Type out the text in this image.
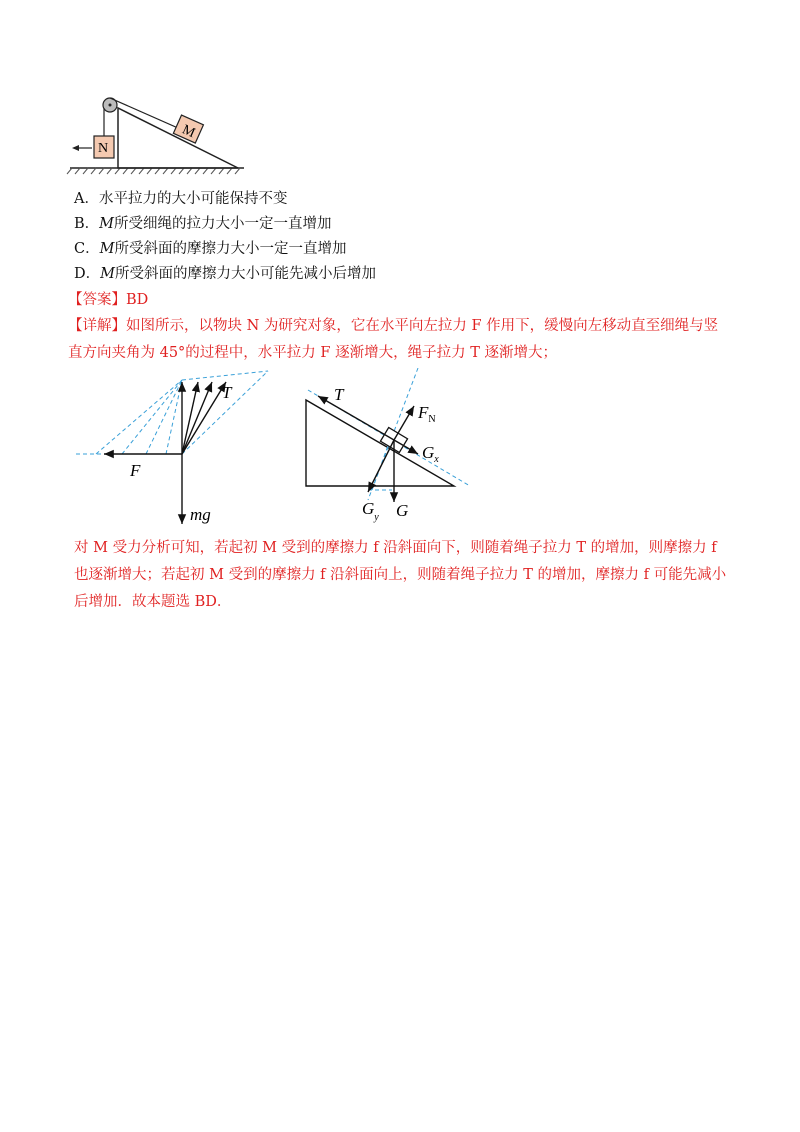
M
N
A．水平拉力的大小可能保持不变
B．M所受细绳的拉力大小一定一直增加
C．M所受斜面的摩擦力大小一定一直增加
D．M所受斜面的摩擦力大小可能先减小后增加
【答案】BD
【详解】如图所示，以物块 N 为研究对象，它在水平向左拉力 F 作用下，缓慢向左移动直至细绳与竖直方向夹角为 45°的过程中，水平拉力 F 逐渐增大，绳子拉力 T 逐渐增大；
T
F
mg
T
$F_N$
$G_x$
$G_y$ G
对 M 受力分析可知，若起初 M 受到的摩擦力 f 沿斜面向下，则随着绳子拉力 T 的增加，则摩擦力 f 也逐渐增大；若起初 M 受到的摩擦力 f 沿斜面向上，则随着绳子拉力 T 的增加，摩擦力 f 可能先减小后增加．故本题选 BD．
